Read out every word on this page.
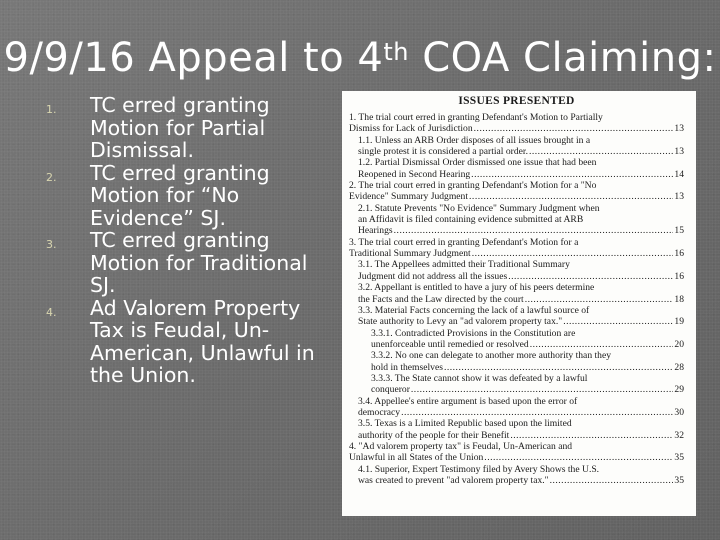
9/9/16 Appeal to 4th COA Claiming:
1.	TC erred granting Motion for Partial Dismissal.
2.	TC erred granting Motion for “No Evidence” SJ.
3.	TC erred granting Motion for Traditional SJ.
4.	Ad Valorem Property Tax is Feudal, Un-American, Unlawful in the Union.
ISSUES PRESENTED
1. The trial court erred in granting Defendant's Motion to Partially
Dismiss for Lack of Jurisdiction .....	13
1.1. Unless an ARB Order disposes of all issues brought in a
single protest it is considered a partial order. .....	13
1.2. Partial Dismissal Order dismissed one issue that had been
Reopened in Second Hearing .....	14
2. The trial court erred in granting Defendant's Motion for a "No
Evidence" Summary Judgment .....	13
2.1. Statute Prevents "No Evidence" Summary Judgment when
an Affidavit is filed containing evidence submitted at ARB
Hearings .....	15
3. The trial court erred in granting Defendant's Motion for a
Traditional Summary Judgment .....	16
3.1. The Appellees admitted their Traditional Summary
Judgment did not address all the issues .....	16
3.2. Appellant is entitled to have a jury of his peers determine
the Facts and the Law directed by the court .....	18
3.3. Material Facts concerning the lack of a lawful source of
State authority to Levy an "ad valorem property tax." .....	19
3.3.1. Contradicted Provisions in the Constitution are
unenforceable until remedied or resolved .....	20
3.3.2. No one can delegate to another more authority than they
hold in themselves .....	28
3.3.3. The State cannot show it was defeated by a lawful
conqueror .....	29
3.4. Appellee's entire argument is based upon the error of
democracy .....	30
3.5. Texas is a Limited Republic based upon the limited
authority of the people for their Benefit .....	32
4. "Ad valorem property tax" is Feudal, Un-American and
Unlawful in all States of the Union .....	35
4.1. Superior, Expert Testimony filed by Avery Shows the U.S.
was created to prevent "ad valorem property tax." .....	35
